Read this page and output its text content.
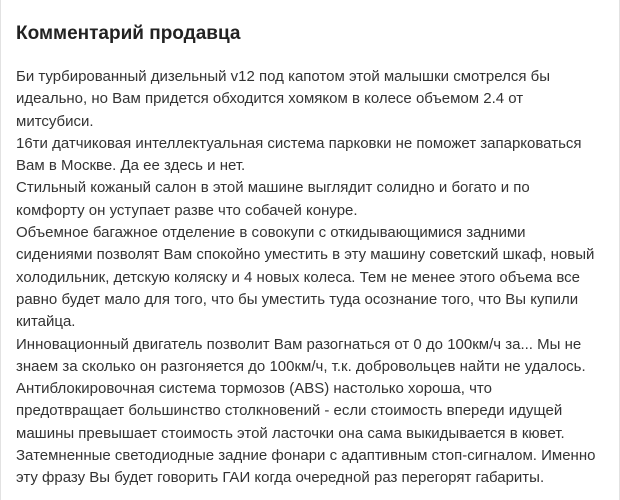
Комментарий продавца

Би турбированный дизельный v12 под капотом этой малышки смотрелся бы идеально, но Вам придется обходится хомяком в колесе объемом 2.4 от митсубиси.

16ти датчиковая интеллектуальная система парковки не поможет запарковаться Вам в Москве. Да ее здесь и нет.

Стильный кожаный салон в этой машине выглядит солидно и богато и по комфорту он уступает разве что собачей конуре.

Объемное багажное отделение в совокупи с откидывающимися задними сидениями позволят Вам спокойно уместить в эту машину советский шкаф, новый холодильник, детскую коляску и 4 новых колеса. Тем не менее этого объема все равно будет мало для того, что бы уместить туда осознание того, что Вы купили китайца.

Инновационный двигатель позволит Вам разогнаться от 0 до 100км/ч за... Мы не знаем за сколько он разгоняется до 100км/ч, т.к. добровольцев найти не удалось.

Антиблокировочная система тормозов (ABS) настолько хороша, что предотвращает большинство столкновений - если стоимость впереди идущей машины превышает стоимость этой ласточки она сама выкидывается в кювет.

Затемненные светодиодные задние фонари с адаптивным стоп-сигналом. Именно эту фразу Вы будет говорить ГАИ когда очередной раз перегорят габариты.
